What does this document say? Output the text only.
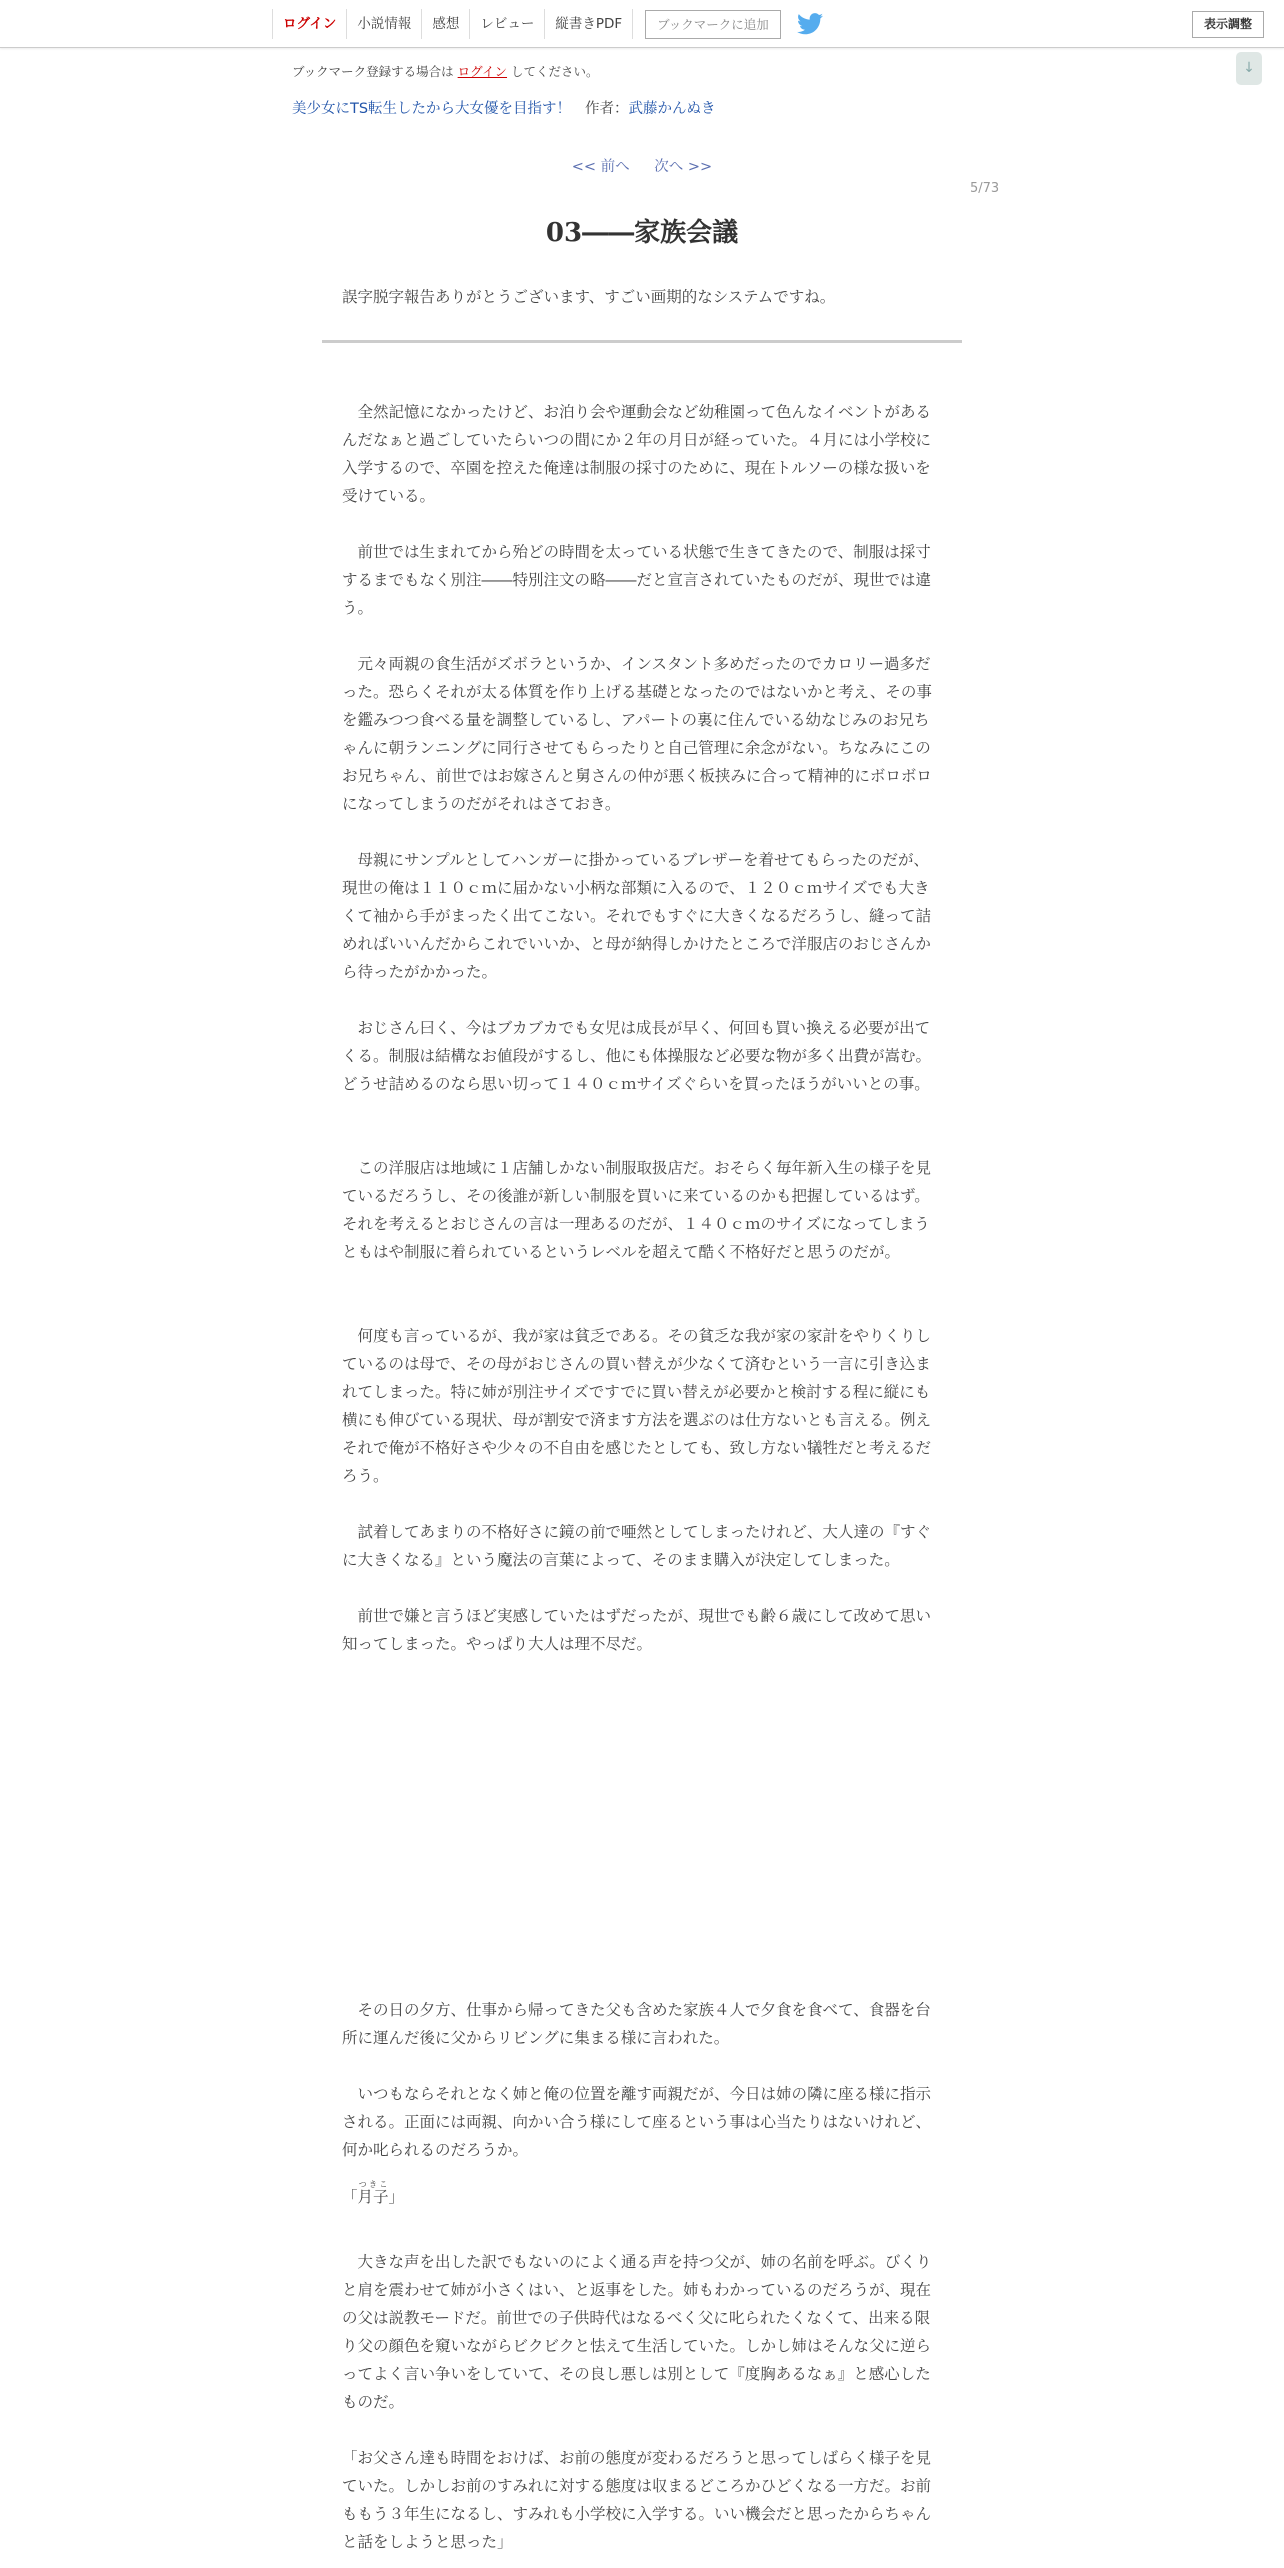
ログイン	小説情報	感想	レビュー	縦書きPDF	ブックマークに追加	表示調整
↓
ブックマーク登録する場合は ログイン してください。
美少女にTS転生したから大女優を目指す！ 作者：武藤かんぬき
<< 前へ 次へ >>
5/73
03――家族会議
誤字脱字報告ありがとうございます、すごい画期的なシステムですね。

　全然記憶になかったけど、お泊り会や運動会など幼稚園って色んなイベントがあるんだなぁと過ごしていたらいつの間にか２年の月日が経っていた。４月には小学校に入学するので、卒園を控えた俺達は制服の採寸のために、現在トルソーの様な扱いを受けている。

　前世では生まれてから殆どの時間を太っている状態で生きてきたので、制服は採寸するまでもなく別注――特別注文の略――だと宣言されていたものだが、現世では違う。

　元々両親の食生活がズボラというか、インスタント多めだったのでカロリー過多だった。恐らくそれが太る体質を作り上げる基礎となったのではないかと考え、その事を鑑みつつ食べる量を調整しているし、アパートの裏に住んでいる幼なじみのお兄ちゃんに朝ランニングに同行させてもらったりと自己管理に余念がない。ちなみにこのお兄ちゃん、前世ではお嫁さんと舅さんの仲が悪く板挟みに合って精神的にボロボロになってしまうのだがそれはさておき。

　母親にサンプルとしてハンガーに掛かっているブレザーを着せてもらったのだが、現世の俺は１１０ｃｍに届かない小柄な部類に入るので、１２０ｃｍサイズでも大きくて袖から手がまったく出てこない。それでもすぐに大きくなるだろうし、縫って詰めればいいんだからこれでいいか、と母が納得しかけたところで洋服店のおじさんから待ったがかかった。

　おじさん曰く、今はブカブカでも女児は成長が早く、何回も買い換える必要が出てくる。制服は結構なお値段がするし、他にも体操服など必要な物が多く出費が嵩む。どうせ詰めるのなら思い切って１４０ｃｍサイズぐらいを買ったほうがいいとの事。

　この洋服店は地域に１店舗しかない制服取扱店だ。おそらく毎年新入生の様子を見ているだろうし、その後誰が新しい制服を買いに来ているのかも把握しているはず。それを考えるとおじさんの言は一理あるのだが、１４０ｃｍのサイズになってしまうともはや制服に着られているというレベルを超えて酷く不格好だと思うのだが。

　何度も言っているが、我が家は貧乏である。その貧乏な我が家の家計をやりくりしているのは母で、その母がおじさんの買い替えが少なくて済むという一言に引き込まれてしまった。特に姉が別注サイズですでに買い替えが必要かと検討する程に縦にも横にも伸びている現状、母が割安で済ます方法を選ぶのは仕方ないとも言える。例えそれで俺が不格好さや少々の不自由を感じたとしても、致し方ない犠牲だと考えるだろう。

　試着してあまりの不格好さに鏡の前で唖然としてしまったけれど、大人達の『すぐに大きくなる』という魔法の言葉によって、そのまま購入が決定してしまった。

　前世で嫌と言うほど実感していたはずだったが、現世でも齢６歳にして改めて思い知ってしまった。やっぱり大人は理不尽だ。

　その日の夕方、仕事から帰ってきた父も含めた家族４人で夕食を食べて、食器を台所に運んだ後に父からリビングに集まる様に言われた。

　いつもならそれとなく姉と俺の位置を離す両親だが、今日は姉の隣に座る様に指示される。正面には両親、向かい合う様にして座るという事は心当たりはないけれど、何か叱られるのだろうか。

「月子つきこ」

　大きな声を出した訳でもないのによく通る声を持つ父が、姉の名前を呼ぶ。びくりと肩を震わせて姉が小さくはい、と返事をした。姉もわかっているのだろうが、現在の父は説教モードだ。前世での子供時代はなるべく父に叱られたくなくて、出来る限り父の顔色を窺いながらビクビクと怯えて生活していた。しかし姉はそんな父に逆らってよく言い争いをしていて、その良し悪しは別として『度胸あるなぁ』と感心したものだ。

「お父さん達も時間をおけば、お前の態度が変わるだろうと思ってしばらく様子を見ていた。しかしお前のすみれに対する態度は収まるどころかひどくなる一方だ。お前ももう３年生になるし、すみれも小学校に入学する。いい機会だと思ったからちゃんと話をしようと思った」
